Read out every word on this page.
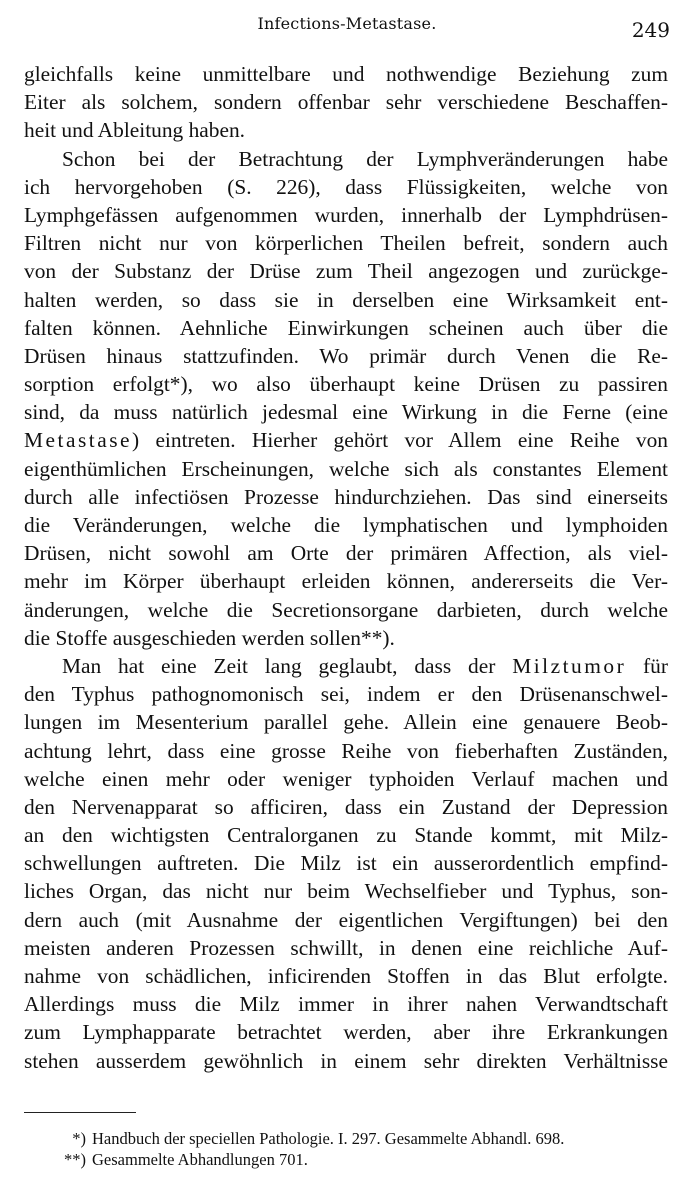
Infections-Metastase.	249
gleichfalls keine unmittelbare und nothwendige Beziehung zum
Eiter als solchem, sondern offenbar sehr verschiedene Beschaffen-
heit und Ableitung haben.
Schon bei der Betrachtung der Lymphveränderungen habe
ich hervorgehoben (S. 226), dass Flüssigkeiten, welche von
Lymphgefässen aufgenommen wurden, innerhalb der Lymphdrüsen-
Filtren nicht nur von körperlichen Theilen befreit, sondern auch
von der Substanz der Drüse zum Theil angezogen und zurückge-
halten werden, so dass sie in derselben eine Wirksamkeit ent-
falten können. Aehnliche Einwirkungen scheinen auch über die
Drüsen hinaus stattzufinden. Wo primär durch Venen die Re-
sorption erfolgt*), wo also überhaupt keine Drüsen zu passiren
sind, da muss natürlich jedesmal eine Wirkung in die Ferne (eine
Metastase) eintreten. Hierher gehört vor Allem eine Reihe von
eigenthümlichen Erscheinungen, welche sich als constantes Element
durch alle infectiösen Prozesse hindurchziehen. Das sind einerseits
die Veränderungen, welche die lymphatischen und lymphoiden
Drüsen, nicht sowohl am Orte der primären Affection, als viel-
mehr im Körper überhaupt erleiden können, andererseits die Ver-
änderungen, welche die Secretionsorgane darbieten, durch welche
die Stoffe ausgeschieden werden sollen**).
Man hat eine Zeit lang geglaubt, dass der Milztumor für
den Typhus pathognomonisch sei, indem er den Drüsenanschwel-
lungen im Mesenterium parallel gehe. Allein eine genauere Beob-
achtung lehrt, dass eine grosse Reihe von fieberhaften Zuständen,
welche einen mehr oder weniger typhoiden Verlauf machen und
den Nervenapparat so afficiren, dass ein Zustand der Depression
an den wichtigsten Centralorganen zu Stande kommt, mit Milz-
schwellungen auftreten. Die Milz ist ein ausserordentlich empfind-
liches Organ, das nicht nur beim Wechselfieber und Typhus, son-
dern auch (mit Ausnahme der eigentlichen Vergiftungen) bei den
meisten anderen Prozessen schwillt, in denen eine reichliche Auf-
nahme von schädlichen, inficirenden Stoffen in das Blut erfolgte.
Allerdings muss die Milz immer in ihrer nahen Verwandtschaft
zum Lymphapparate betrachtet werden, aber ihre Erkrankungen
stehen ausserdem gewöhnlich in einem sehr direkten Verhältnisse
*) Handbuch der speciellen Pathologie. I. 297. Gesammelte Abhandl. 698.
**) Gesammelte Abhandlungen 701.
